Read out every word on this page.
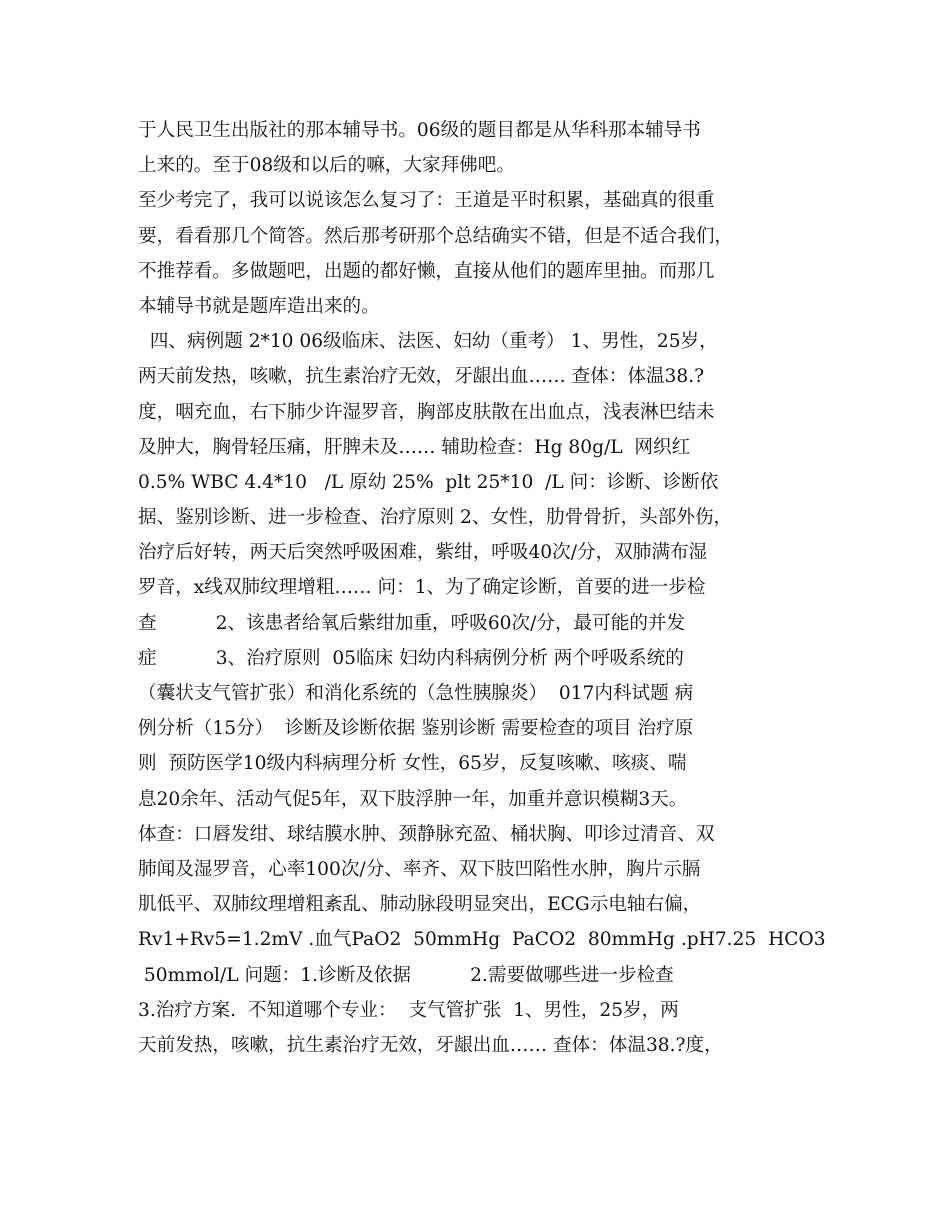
于人民卫生出版社的那本辅导书。06级的题目都是从华科那本辅导书
上来的。至于08级和以后的嘛，大家拜佛吧。
至少考完了，我可以说该怎么复习了：王道是平时积累，基础真的很重
要，看看那几个简答。然后那考研那个总结确实不错，但是不适合我们，
不推荐看。多做题吧，出题的都好懒，直接从他们的题库里抽。而那几
本辅导书就是题库造出来的。
四、病例题 2*10 06级临床、法医、妇幼（重考） 1、男性，25岁，
两天前发热，咳嗽，抗生素治疗无效，牙龈出血…… 查体：体温38.?
度，咽充血，右下肺少许湿罗音，胸部皮肤散在出血点，浅表淋巴结未
及肿大，胸骨轻压痛，肝脾未及…… 辅助检查：Hg 80g/L  网织红
0.5% WBC 4.4*10   /L 原幼 25%  plt 25*10  /L 问：诊断、诊断依
据、鉴别诊断、进一步检查、治疗原则 2、女性，肋骨骨折，头部外伤，
治疗后好转，两天后突然呼吸困难，紫绀，呼吸40次/分，双肺满布湿
罗音，x线双肺纹理增粗…… 问：1、为了确定诊断，首要的进一步检
查          2、该患者给氧后紫绀加重，呼吸60次/分，最可能的并发
症          3、治疗原则  05临床 妇幼内科病例分析 两个呼吸系统的
（囊状支气管扩张）和消化系统的（急性胰腺炎）  017内科试题 病
例分析（15分）  诊断及诊断依据 鉴别诊断 需要检查的项目 治疗原
则  预防医学10级内科病理分析 女性，65岁，反复咳嗽、咳痰、喘
息20余年、活动气促5年，双下肢浮肿一年，加重并意识模糊3天。
体查：口唇发绀、球结膜水肿、颈静脉充盈、桶状胸、叩诊过清音、双
肺闻及湿罗音，心率100次/分、率齐、双下肢凹陷性水肿，胸片示膈
肌低平、双肺纹理增粗紊乱、肺动脉段明显突出，ECG示电轴右偏，
Rv1+Rv5=1.2mV .血气PaO2  50mmHg  PaCO2  80mmHg .pH7.25  HCO3
50mmol/L 问题：1.诊断及依据          2.需要做哪些进一步检查
3.治疗方案.  不知道哪个专业：  支气管扩张  1、男性，25岁，两
天前发热，咳嗽，抗生素治疗无效，牙龈出血…… 查体：体温38.?度，
